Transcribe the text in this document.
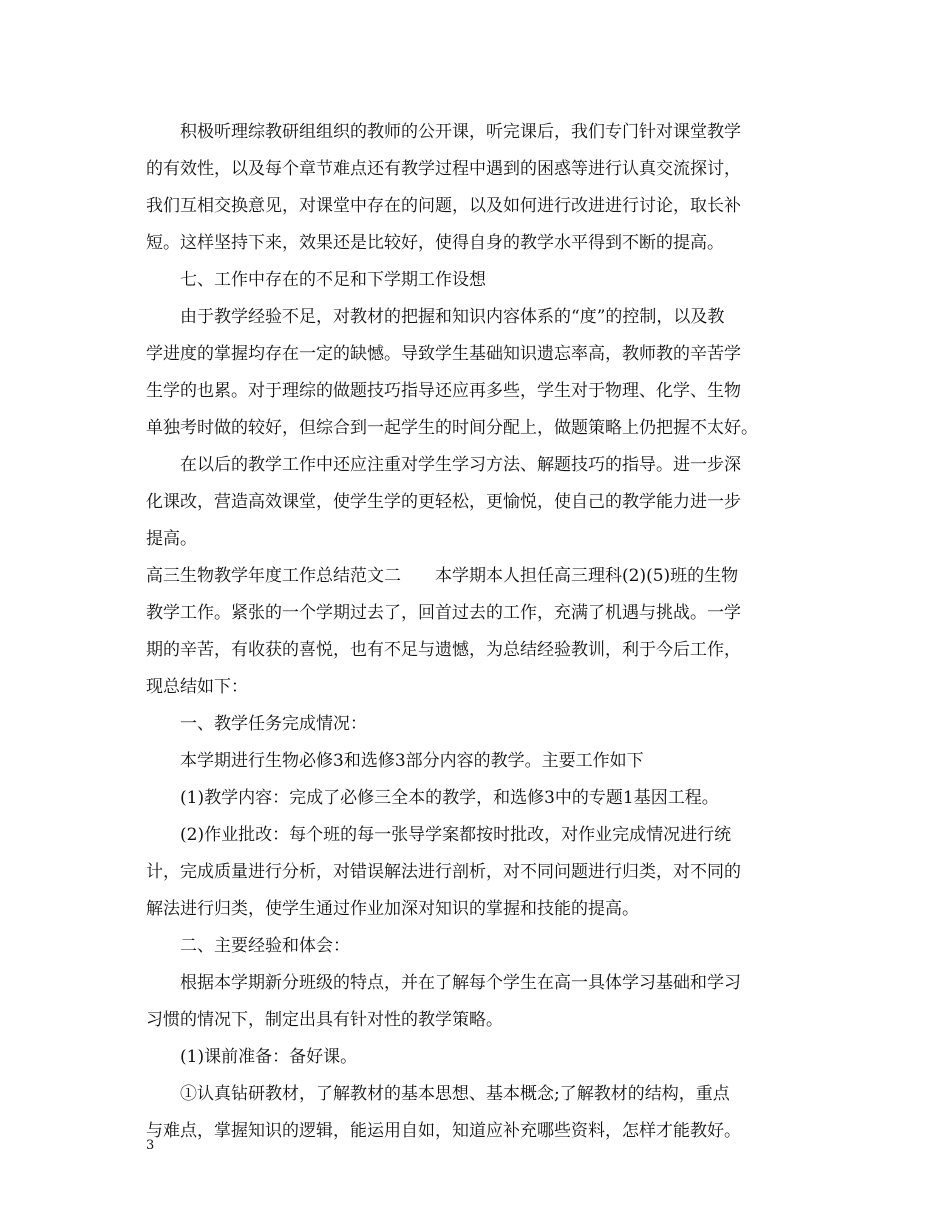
积极听理综教研组组织的教师的公开课，听完课后，我们专门针对课堂教学
的有效性，以及每个章节难点还有教学过程中遇到的困惑等进行认真交流探讨，
我们互相交换意见，对课堂中存在的问题，以及如何进行改进进行讨论，取长补
短。这样坚持下来，效果还是比较好，使得自身的教学水平得到不断的提高。

七、工作中存在的不足和下学期工作设想

由于教学经验不足，对教材的把握和知识内容体系的“度”的控制，以及教
学进度的掌握均存在一定的缺憾。导致学生基础知识遗忘率高，教师教的辛苦学
生学的也累。对于理综的做题技巧指导还应再多些，学生对于物理、化学、生物
单独考时做的较好，但综合到一起学生的时间分配上，做题策略上仍把握不太好。

在以后的教学工作中还应注重对学生学习方法、解题技巧的指导。进一步深
化课改，营造高效课堂，使学生学的更轻松，更愉悦，使自己的教学能力进一步
提高。

高三生物教学年度工作总结范文二　　本学期本人担任高三理科(2)(5)班的生物
教学工作。紧张的一个学期过去了，回首过去的工作，充满了机遇与挑战。一学
期的辛苦，有收获的喜悦，也有不足与遗憾，为总结经验教训，利于今后工作，
现总结如下：

一、教学任务完成情况：

本学期进行生物必修3和选修3部分内容的教学。主要工作如下

(1)教学内容：完成了必修三全本的教学，和选修3中的专题1基因工程。

(2)作业批改：每个班的每一张导学案都按时批改，对作业完成情况进行统
计，完成质量进行分析，对错误解法进行剖析，对不同问题进行归类，对不同的
解法进行归类，使学生通过作业加深对知识的掌握和技能的提高。

二、主要经验和体会：

根据本学期新分班级的特点，并在了解每个学生在高一具体学习基础和学习
习惯的情况下，制定出具有针对性的教学策略。

(1)课前准备：备好课。

①认真钻研教材，了解教材的基本思想、基本概念;了解教材的结构，重点
与难点，掌握知识的逻辑，能运用自如，知道应补充哪些资料，怎样才能教好。

3
